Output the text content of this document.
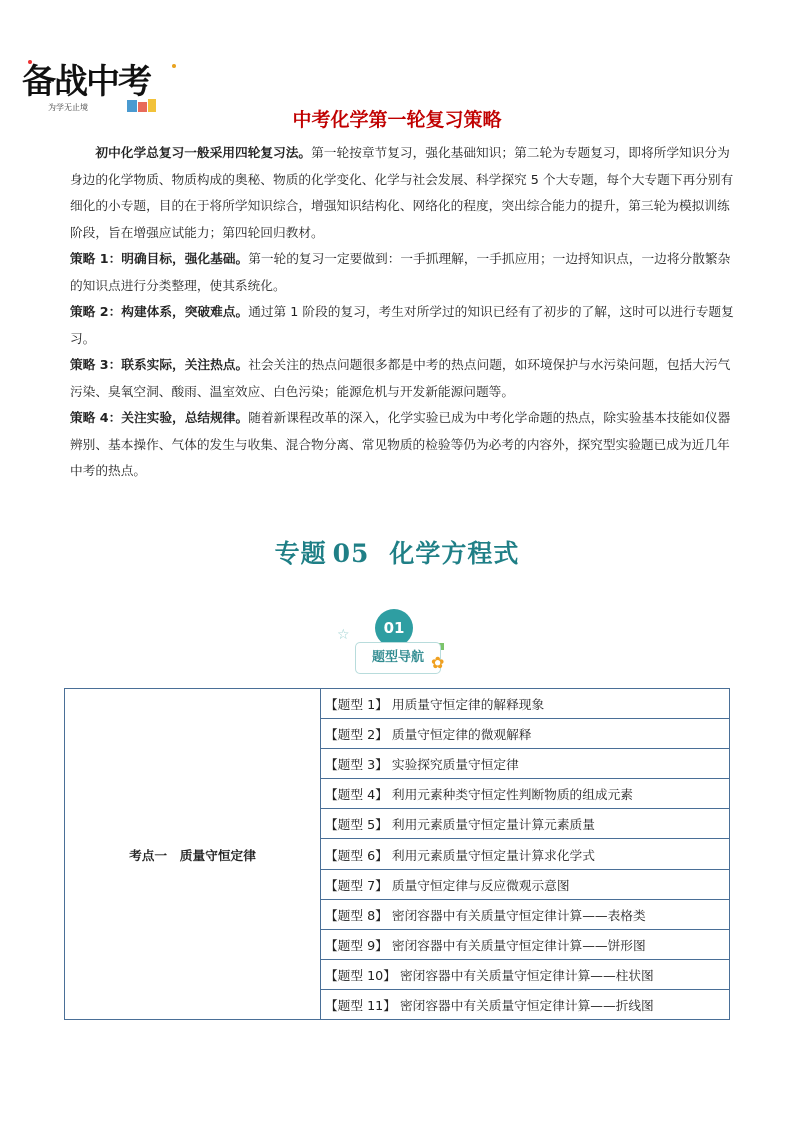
备战中考
为学无止境
中考化学第一轮复习策略

初中化学总复习一般采用四轮复习法。第一轮按章节复习，强化基础知识；第二轮为专题复习，即将所学知识分为身边的化学物质、物质构成的奥秘、物质的化学变化、化学与社会发展、科学探究 5 个大专题，每个大专题下再分别有细化的小专题，目的在于将所学知识综合，增强知识结构化、网络化的程度，突出综合能力的提升，第三轮为模拟训练阶段，旨在增强应试能力；第四轮回归教材。

策略 1：明确目标，强化基础。第一轮的复习一定要做到：一手抓理解，一手抓应用；一边捋知识点，一边将分散繁杂的知识点进行分类整理，使其系统化。

策略 2：构建体系，突破难点。通过第 1 阶段的复习，考生对所学过的知识已经有了初步的了解，这时可以进行专题复习。

策略 3：联系实际，关注热点。社会关注的热点问题很多都是中考的热点问题，如环境保护与水污染问题，包括大污气污染、臭氧空洞、酸雨、温室效应、白色污染；能源危机与开发新能源问题等。

策略 4：关注实验，总结规律。随着新课程改革的深入，化学实验已成为中考化学命题的热点，除实验基本技能如仪器辨别、基本操作、气体的发生与收集、混合物分离、常见物质的检验等仍为必考的内容外，探究型实验题已成为近几年中考的热点。

专题 05 化学方程式
☆	01
题型导航 ✿
考点一　质量守恒定律	【题型 1】 用质量守恒定律的解释现象
【题型 2】 质量守恒定律的微观解释
【题型 3】 实验探究质量守恒定律
【题型 4】 利用元素种类守恒定性判断物质的组成元素
【题型 5】 利用元素质量守恒定量计算元素质量
【题型 6】 利用元素质量守恒定量计算求化学式
【题型 7】 质量守恒定律与反应微观示意图
【题型 8】 密闭容器中有关质量守恒定律计算——表格类
【题型 9】 密闭容器中有关质量守恒定律计算——饼形图
【题型 10】 密闭容器中有关质量守恒定律计算——柱状图
【题型 11】 密闭容器中有关质量守恒定律计算——折线图
